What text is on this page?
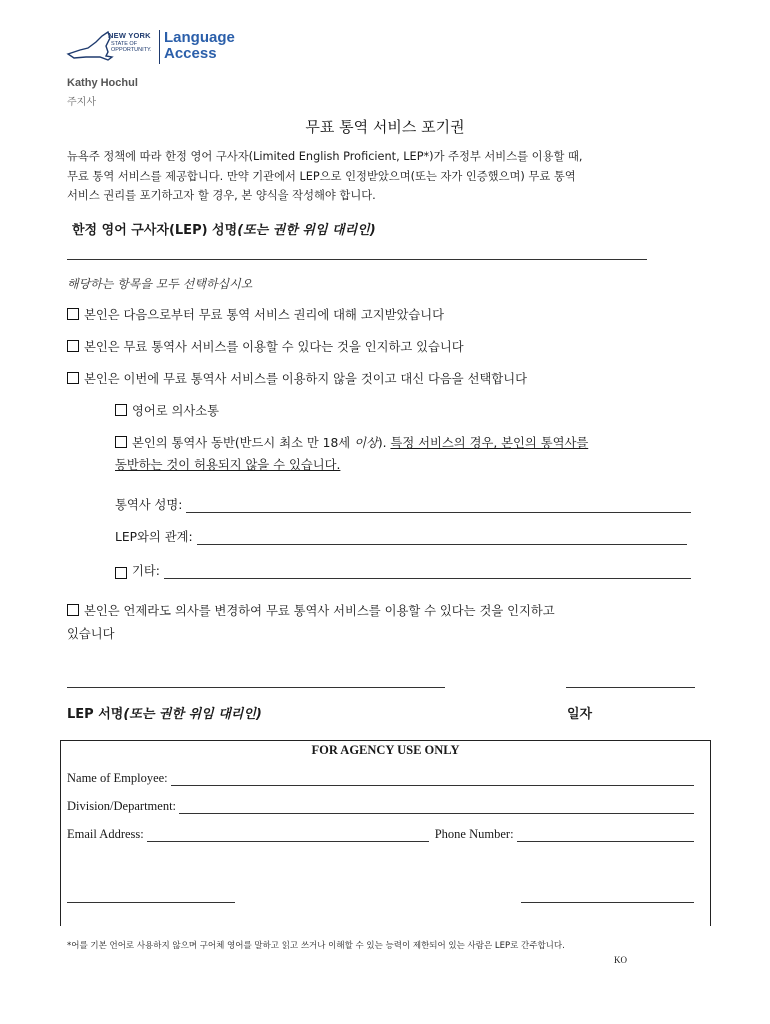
NEW YORK
STATE OF
OPPORTUNITY.
Language
Access
Kathy Hochul
주지사
무표 통역 서비스 포기권
뉴욕주 정책에 따라 한정 영어 구사자(Limited English Proficient, LEP*)가 주정부 서비스를 이용할 때,
무료 통역 서비스를 제공합니다. 만약 기관에서 LEP으로 인정받았으며(또는 자가 인증했으며) 무료 통역
서비스 권리를 포기하고자 할 경우, 본 양식을 작성해야 합니다.
한정 영어 구사자(LEP) 성명(또는 권한 위임 대리인)
해당하는 항목을 모두 선택하십시오
본인은 다음으로부터 무료 통역 서비스 권리에 대해 고지받았습니다
본인은 무료 통역사 서비스를 이용할 수 있다는 것을 인지하고 있습니다
본인은 이번에 무료 통역사 서비스를 이용하지 않을 것이고 대신 다음을 선택합니다
영어로 의사소통
본인의 통역사 동반(반드시 최소 만 18세 이상). 특정 서비스의 경우, 본인의 통역사를
동반하는 것이 허용되지 않을 수 있습니다.
통역사 성명:
LEP와의 관계:
기타:
본인은 언제라도 의사를 변경하여 무료 통역사 서비스를 이용할 수 있다는 것을 인지하고
있습니다
LEP 서명(또는 권한 위임 대리인)	일자
FOR AGENCY USE ONLY
Name of Employee:
Division/Department:
Email Address:	Phone Number:
*어를 기본 언어로 사용하지 않으며 구어체 영어를 말하고 읽고 쓰거나 이해할 수 있는 능력이 제한되어 있는 사람은 LEP로 간주합니다.
KO
